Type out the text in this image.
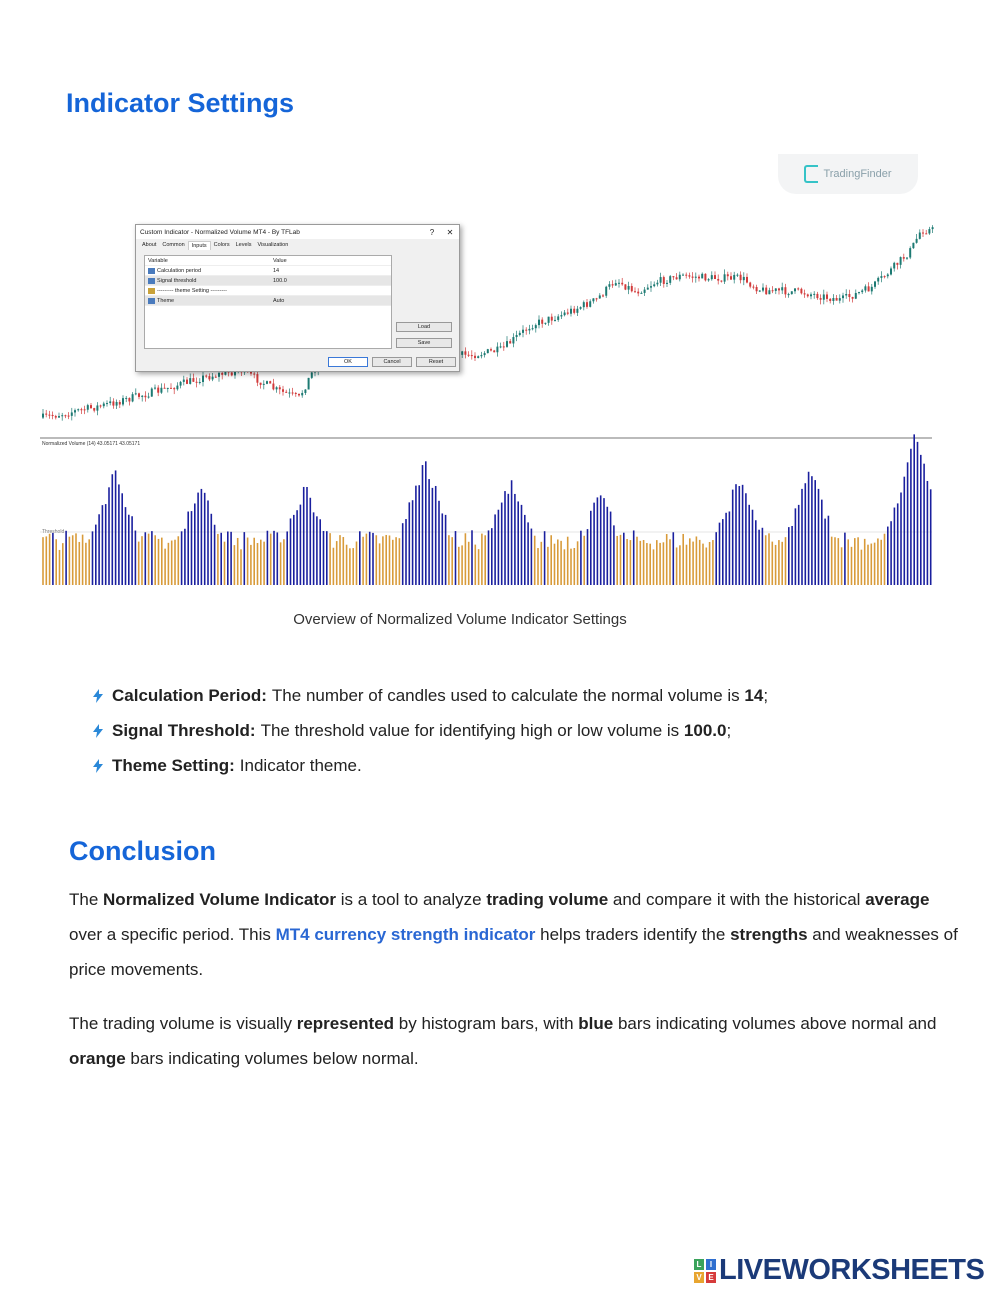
Indicator Settings
Normalized Volume (14) 43.05171 43.05171
Threshold
TradingFinder
Custom Indicator - Normalized Volume MT4 - By TFLab	?	✕
About	Common	Inputs	Colors	Levels	Visualization
Variable	Value
Calculation period	14
Signal threshold	100.0
--------- theme Setting ---------
Theme	Auto
Load
Save
OK	Cancel	Reset
Overview of Normalized Volume Indicator Settings
Calculation Period: The number of candles used to calculate the normal volume is
14 ;
Signal Threshold: The threshold value for identifying high or low volume is
100.0 ;
Theme Setting: Indicator theme.
Conclusion

The Normalized Volume Indicator is a tool to analyze trading volume and compare it with the historical average over a specific period. This MT4 currency strength indicator helps traders identify the strengths and weaknesses of price movements.

The trading volume is visually represented by histogram bars, with blue bars indicating volumes above normal and orange bars indicating volumes below normal.

L	I
V E LIVEWORKSHEETS
